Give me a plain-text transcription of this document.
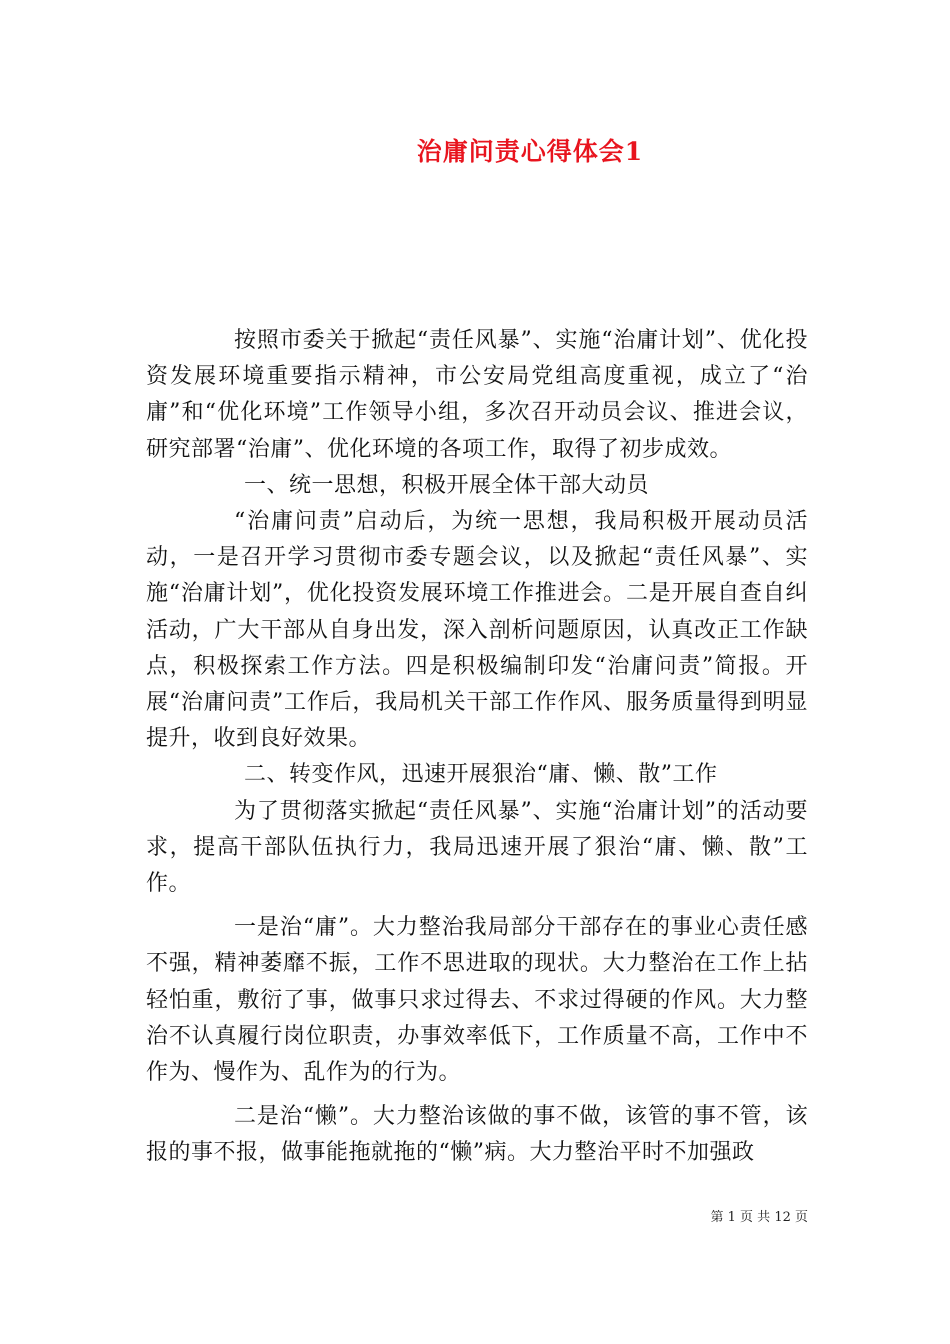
治庸问责心得体会1

按照市委关于掀起“责任风暴”、实施“治庸计划”、优化投资发展环境重要指示精神，市公安局党组高度重视，成立了“治庸”和“优化环境”工作领导小组，多次召开动员会议、推进会议，研究部署“治庸”、优化环境的各项工作，取得了初步成效。

一、统一思想，积极开展全体干部大动员

“治庸问责”启动后，为统一思想，我局积极开展动员活动，一是召开学习贯彻市委专题会议，以及掀起“责任风暴”、实施“治庸计划”，优化投资发展环境工作推进会。二是开展自查自纠活动，广大干部从自身出发，深入剖析问题原因，认真改正工作缺点，积极探索工作方法。四是积极编制印发“治庸问责”简报。开展“治庸问责”工作后，我局机关干部工作作风、服务质量得到明显提升，收到良好效果。

二、转变作风，迅速开展狠治“庸、懒、散”工作

为了贯彻落实掀起“责任风暴”、实施“治庸计划”的活动要求，提高干部队伍执行力，我局迅速开展了狠治“庸、懒、散”工作。

一是治“庸”。大力整治我局部分干部存在的事业心责任感不强，精神萎靡不振，工作不思进取的现状。大力整治在工作上拈轻怕重，敷衍了事，做事只求过得去、不求过得硬的作风。大力整治不认真履行岗位职责，办事效率低下，工作质量不高，工作中不作为、慢作为、乱作为的行为。

二是治“懒”。大力整治该做的事不做，该管的事不管，该报的事不报，做事能拖就拖的“懒”病。大力整治平时不加强政

第 1 页 共 12 页
